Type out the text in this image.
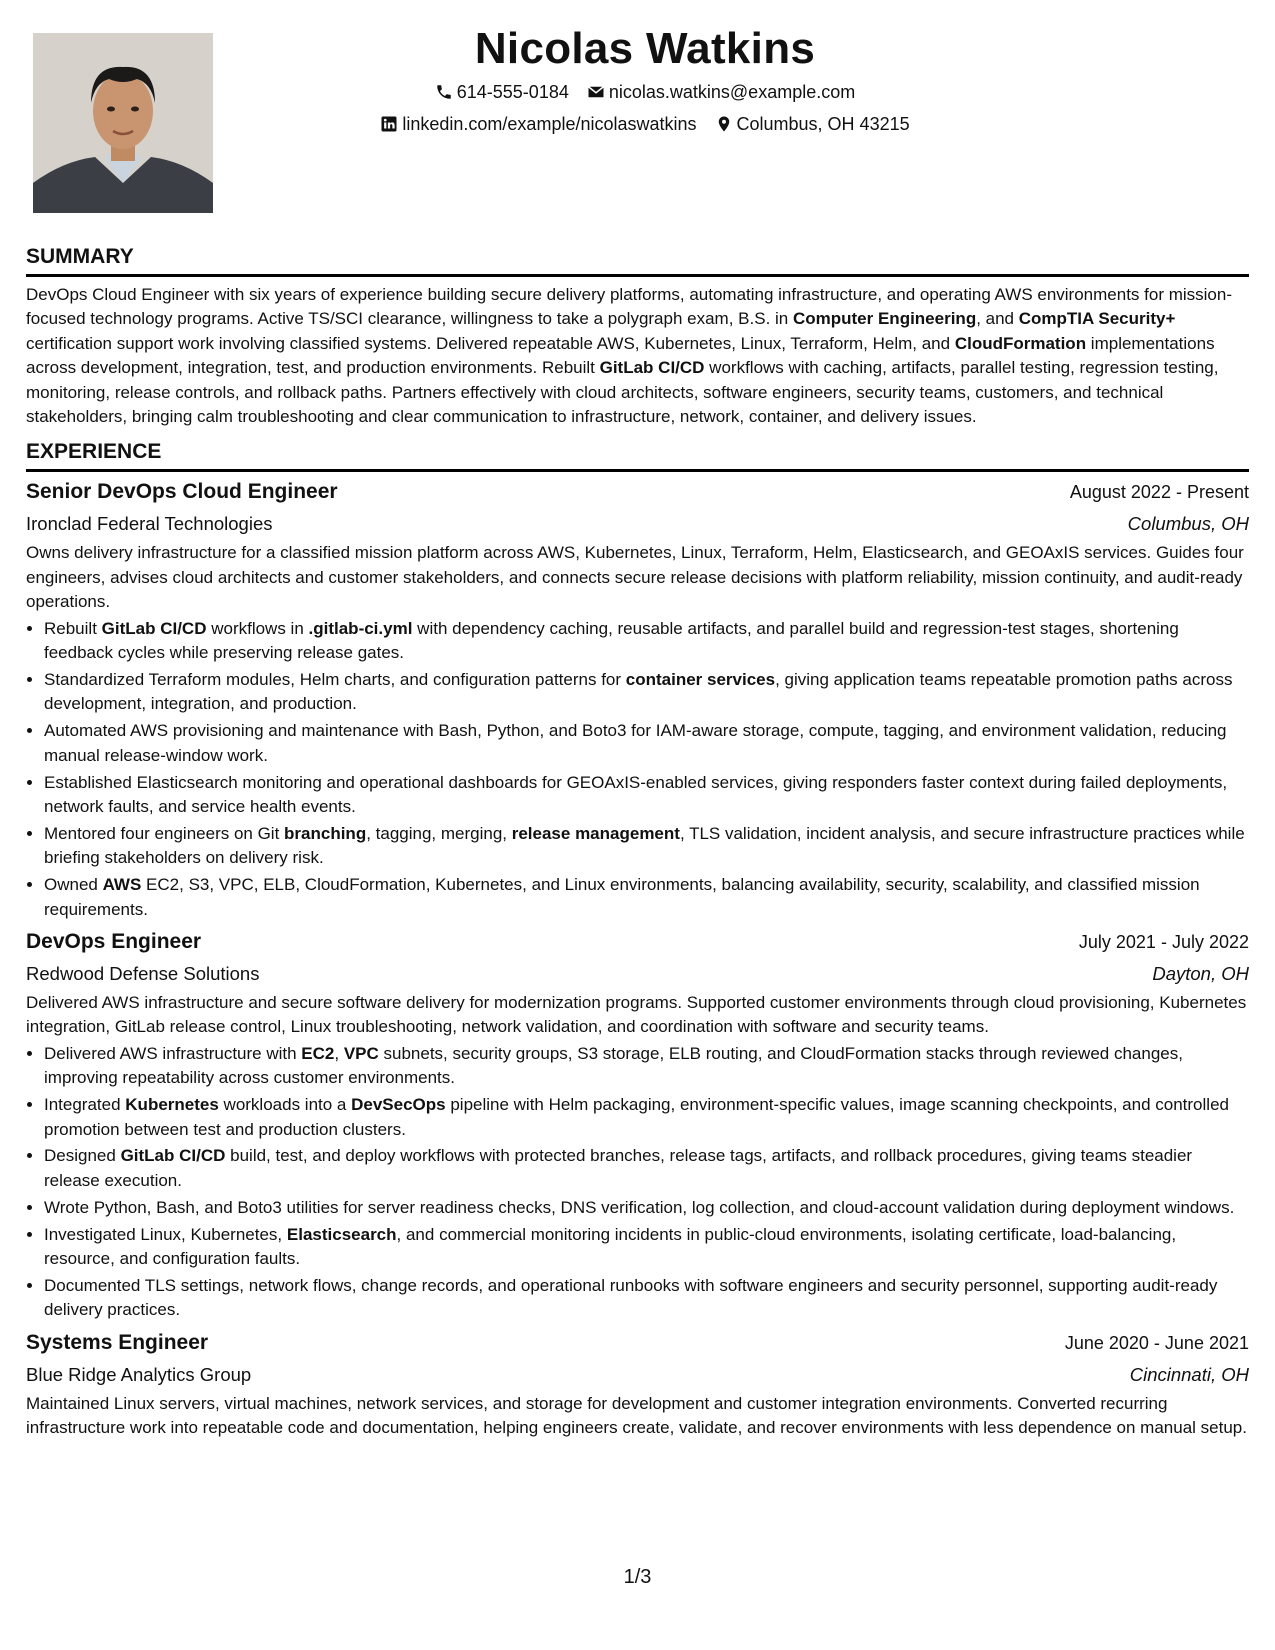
Nicolas Watkins
614-555-0184 nicolas.watkins@example.com
linkedin.com/example/nicolaswatkins Columbus, OH 43215
SUMMARY

DevOps Cloud Engineer with six years of experience building secure delivery platforms, automating infrastructure, and operating AWS environments for mission-focused technology programs. Active TS/SCI clearance, willingness to take a polygraph exam, B.S. in Computer Engineering, and CompTIA Security+ certification support work involving classified systems. Delivered repeatable AWS, Kubernetes, Linux, Terraform, Helm, and CloudFormation implementations across development, integration, test, and production environments. Rebuilt GitLab CI/CD workflows with caching, artifacts, parallel testing, regression testing, monitoring, release controls, and rollback paths. Partners effectively with cloud architects, software engineers, security teams, customers, and technical stakeholders, bringing calm troubleshooting and clear communication to infrastructure, network, container, and delivery issues.

EXPERIENCE
Senior DevOps Cloud Engineer	August 2022 - Present
Ironclad Federal Technologies	Columbus, OH

Owns delivery infrastructure for a classified mission platform across AWS, Kubernetes, Linux, Terraform, Helm, Elasticsearch, and GEOAxIS services. Guides four engineers, advises cloud architects and customer stakeholders, and connects secure release decisions with platform reliability, mission continuity, and audit-ready operations.

• Rebuilt GitLab CI/CD workflows in .gitlab-ci.yml with dependency caching, reusable artifacts, and parallel build and regression-test stages, shortening feedback cycles while preserving release gates.
• Standardized Terraform modules, Helm charts, and configuration patterns for container services, giving application teams repeatable promotion paths across development, integration, and production.
• Automated AWS provisioning and maintenance with Bash, Python, and Boto3 for IAM-aware storage, compute, tagging, and environment validation, reducing manual release-window work.
• Established Elasticsearch monitoring and operational dashboards for GEOAxIS-enabled services, giving responders faster context during failed deployments, network faults, and service health events.
• Mentored four engineers on Git branching, tagging, merging, release management, TLS validation, incident analysis, and secure infrastructure practices while briefing stakeholders on delivery risk.
• Owned AWS EC2, S3, VPC, ELB, CloudFormation, Kubernetes, and Linux environments, balancing availability, security, scalability, and classified mission requirements.
DevOps Engineer	July 2021 - July 2022
Redwood Defense Solutions	Dayton, OH

Delivered AWS infrastructure and secure software delivery for modernization programs. Supported customer environments through cloud provisioning, Kubernetes integration, GitLab release control, Linux troubleshooting, network validation, and coordination with software and security teams.

• Delivered AWS infrastructure with EC2, VPC subnets, security groups, S3 storage, ELB routing, and CloudFormation stacks through reviewed changes, improving repeatability across customer environments.
• Integrated Kubernetes workloads into a DevSecOps pipeline with Helm packaging, environment-specific values, image scanning checkpoints, and controlled promotion between test and production clusters.
• Designed GitLab CI/CD build, test, and deploy workflows with protected branches, release tags, artifacts, and rollback procedures, giving teams steadier release execution.
• Wrote Python, Bash, and Boto3 utilities for server readiness checks, DNS verification, log collection, and cloud-account validation during deployment windows.
• Investigated Linux, Kubernetes, Elasticsearch, and commercial monitoring incidents in public-cloud environments, isolating certificate, load-balancing, resource, and configuration faults.
• Documented TLS settings, network flows, change records, and operational runbooks with software engineers and security personnel, supporting audit-ready delivery practices.
Systems Engineer	June 2020 - June 2021
Blue Ridge Analytics Group	Cincinnati, OH

Maintained Linux servers, virtual machines, network services, and storage for development and customer integration environments. Converted recurring infrastructure work into repeatable code and documentation, helping engineers create, validate, and recover environments with less dependence on manual setup.

1/3
